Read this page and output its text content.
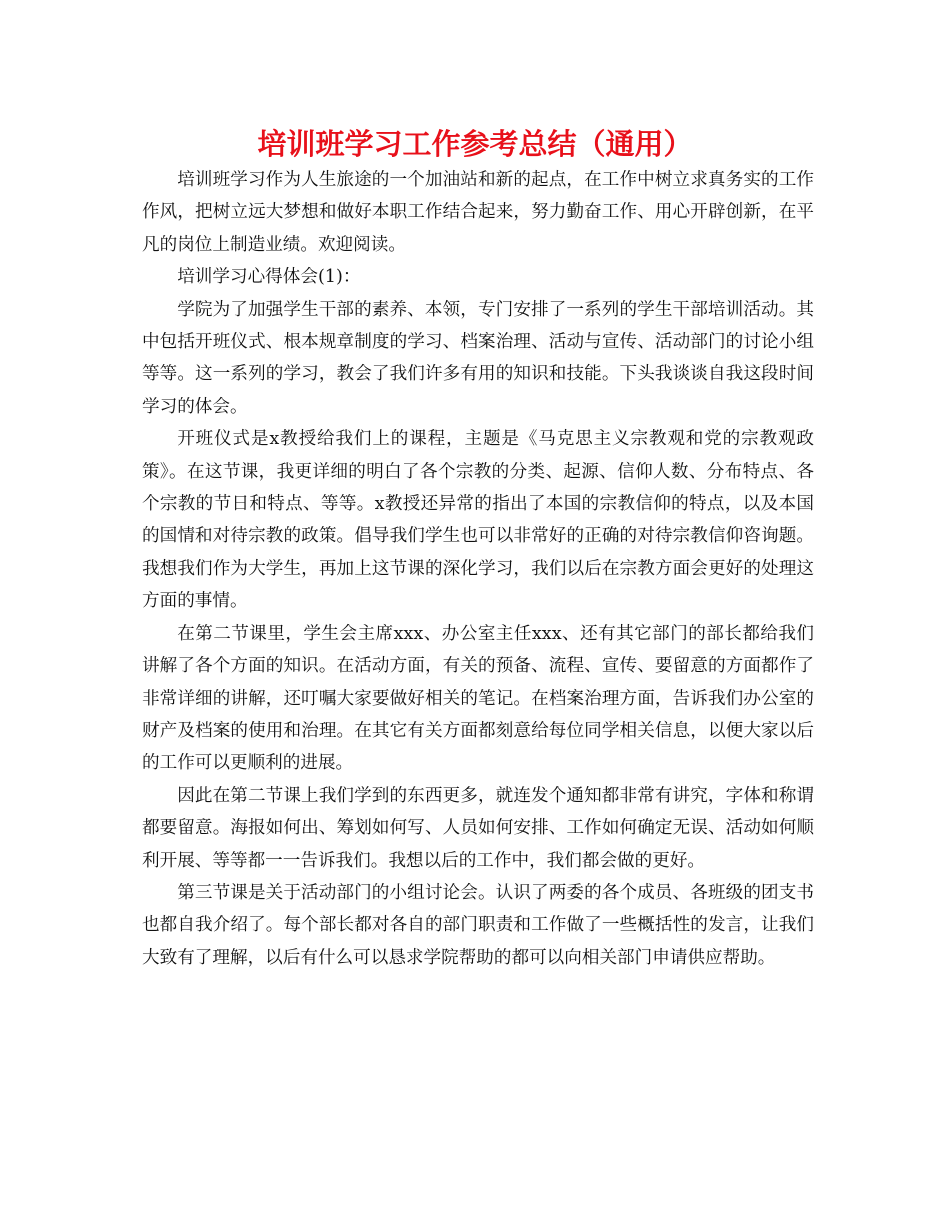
培训班学习工作参考总结（通用）

培训班学习作为人生旅途的一个加油站和新的起点，在工作中树立求真务实的工作作风，把树立远大梦想和做好本职工作结合起来，努力勤奋工作、用心开辟创新，在平凡的岗位上制造业绩。欢迎阅读。

培训学习心得体会(1)：

学院为了加强学生干部的素养、本领，专门安排了一系列的学生干部培训活动。其中包括开班仪式、根本规章制度的学习、档案治理、活动与宣传、活动部门的讨论小组等等。这一系列的学习，教会了我们许多有用的知识和技能。下头我谈谈自我这段时间学习的体会。

开班仪式是x教授给我们上的课程，主题是《马克思主义宗教观和党的宗教观政策》。在这节课，我更详细的明白了各个宗教的分类、起源、信仰人数、分布特点、各个宗教的节日和特点、等等。x教授还异常的指出了本国的宗教信仰的特点，以及本国的国情和对待宗教的政策。倡导我们学生也可以非常好的正确的对待宗教信仰咨询题。我想我们作为大学生，再加上这节课的深化学习，我们以后在宗教方面会更好的处理这方面的事情。

在第二节课里，学生会主席xxx、办公室主任xxx、还有其它部门的部长都给我们讲解了各个方面的知识。在活动方面，有关的预备、流程、宣传、要留意的方面都作了非常详细的讲解，还叮嘱大家要做好相关的笔记。在档案治理方面，告诉我们办公室的财产及档案的使用和治理。在其它有关方面都刻意给每位同学相关信息，以便大家以后的工作可以更顺利的进展。

因此在第二节课上我们学到的东西更多，就连发个通知都非常有讲究，字体和称谓都要留意。海报如何出、筹划如何写、人员如何安排、工作如何确定无误、活动如何顺利开展、等等都一一告诉我们。我想以后的工作中，我们都会做的更好。

第三节课是关于活动部门的小组讨论会。认识了两委的各个成员、各班级的团支书也都自我介绍了。每个部长都对各自的部门职责和工作做了一些概括性的发言，让我们大致有了理解，以后有什么可以恳求学院帮助的都可以向相关部门申请供应帮助。
